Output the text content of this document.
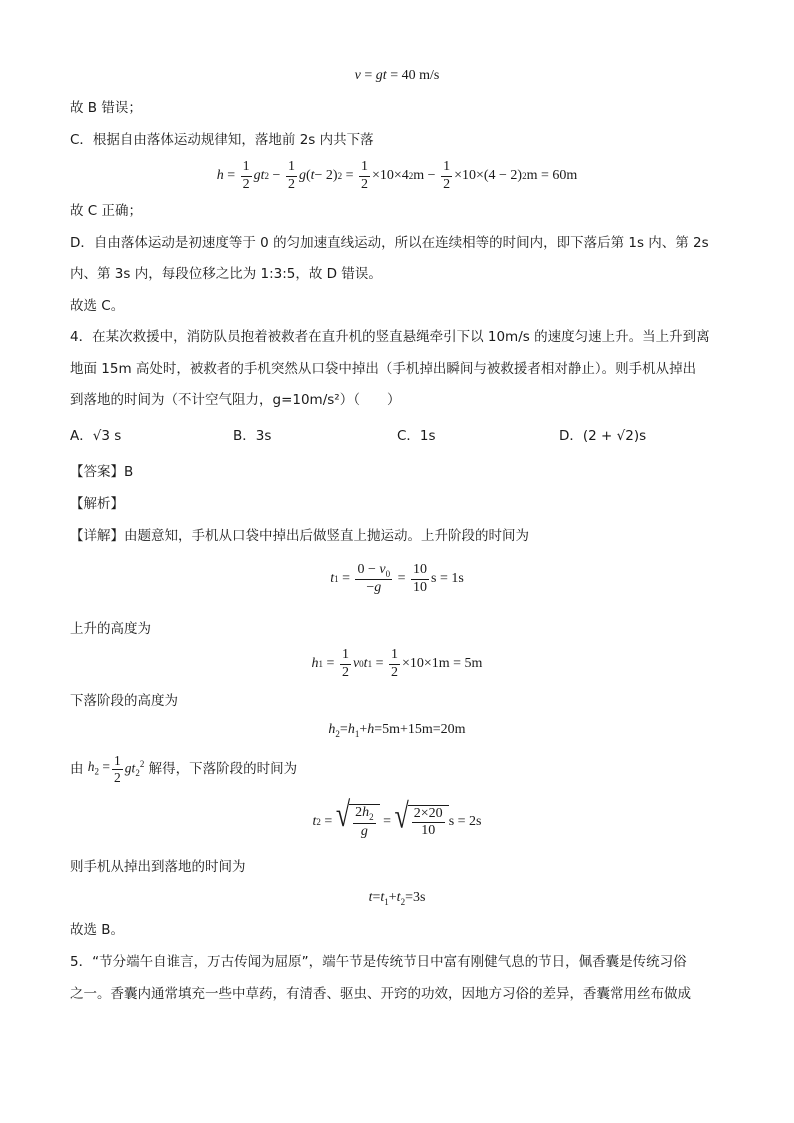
v = gt = 40 m/s
故 B 错误；
C．根据自由落体运动规律知，落地前 2s 内共下落
$h = \frac{1}{2}$ gt $2 - \frac{1}{2}$ g ( t − 2) $2 = \frac{1}{2} \times 10\times 4$ 2 $m - \frac{1}{2} \times 10\times(4 - 2)$ 2 m = 60m
故 C 正确；
D．自由落体运动是初速度等于 0 的匀加速直线运动，所以在连续相等的时间内，即下落后第 1s 内、第 2s
内、第 3s 内，每段位移之比为 1:3:5，故 D 错误。
故选 C。
4．在某次救援中，消防队员抱着被救者在直升机的竖直悬绳牵引下以 10m/s 的速度匀速上升。当上升到离
地面 15m 高处时，被救者的手机突然从口袋中掉出（手机掉出瞬间与被救援者相对静止）。则手机从掉出
到落地的时间为（不计空气阻力，g=10m/s²）（　　）
A．√3 s	B．3s	C．1s	D．(2 + √2)s
【答案】B
【解析】
【详解】由题意知，手机从口袋中掉出后做竖直上抛运动。上升阶段的时间为
t $1 = \frac{0 - v_0}{-g} = \frac{10}{10}$ s = 1s
上升的高度为
h $1 = \frac{1}{2}$ v 0 t $1 = \frac{1}{2} \times 10\times 1m = 5m$
下落阶段的高度为
$h_2=h_1+h=5m+15m=20m$
由 $h_2 = \frac{1}{2} gt_2^2$ 解得，下落阶段的时间为
t 2 = √ $\frac{2h_2}{g}$ = √ $\frac{2\times 20}{10}$ s = 2s
则手机从掉出到落地的时间为
$t=t_1+t_2=3s$
故选 B。
5．“节分端午自谁言，万古传闻为屈原”，端午节是传统节日中富有刚健气息的节日，佩香囊是传统习俗
之一。香囊内通常填充一些中草药，有清香、驱虫、开窍的功效，因地方习俗的差异，香囊常用丝布做成
